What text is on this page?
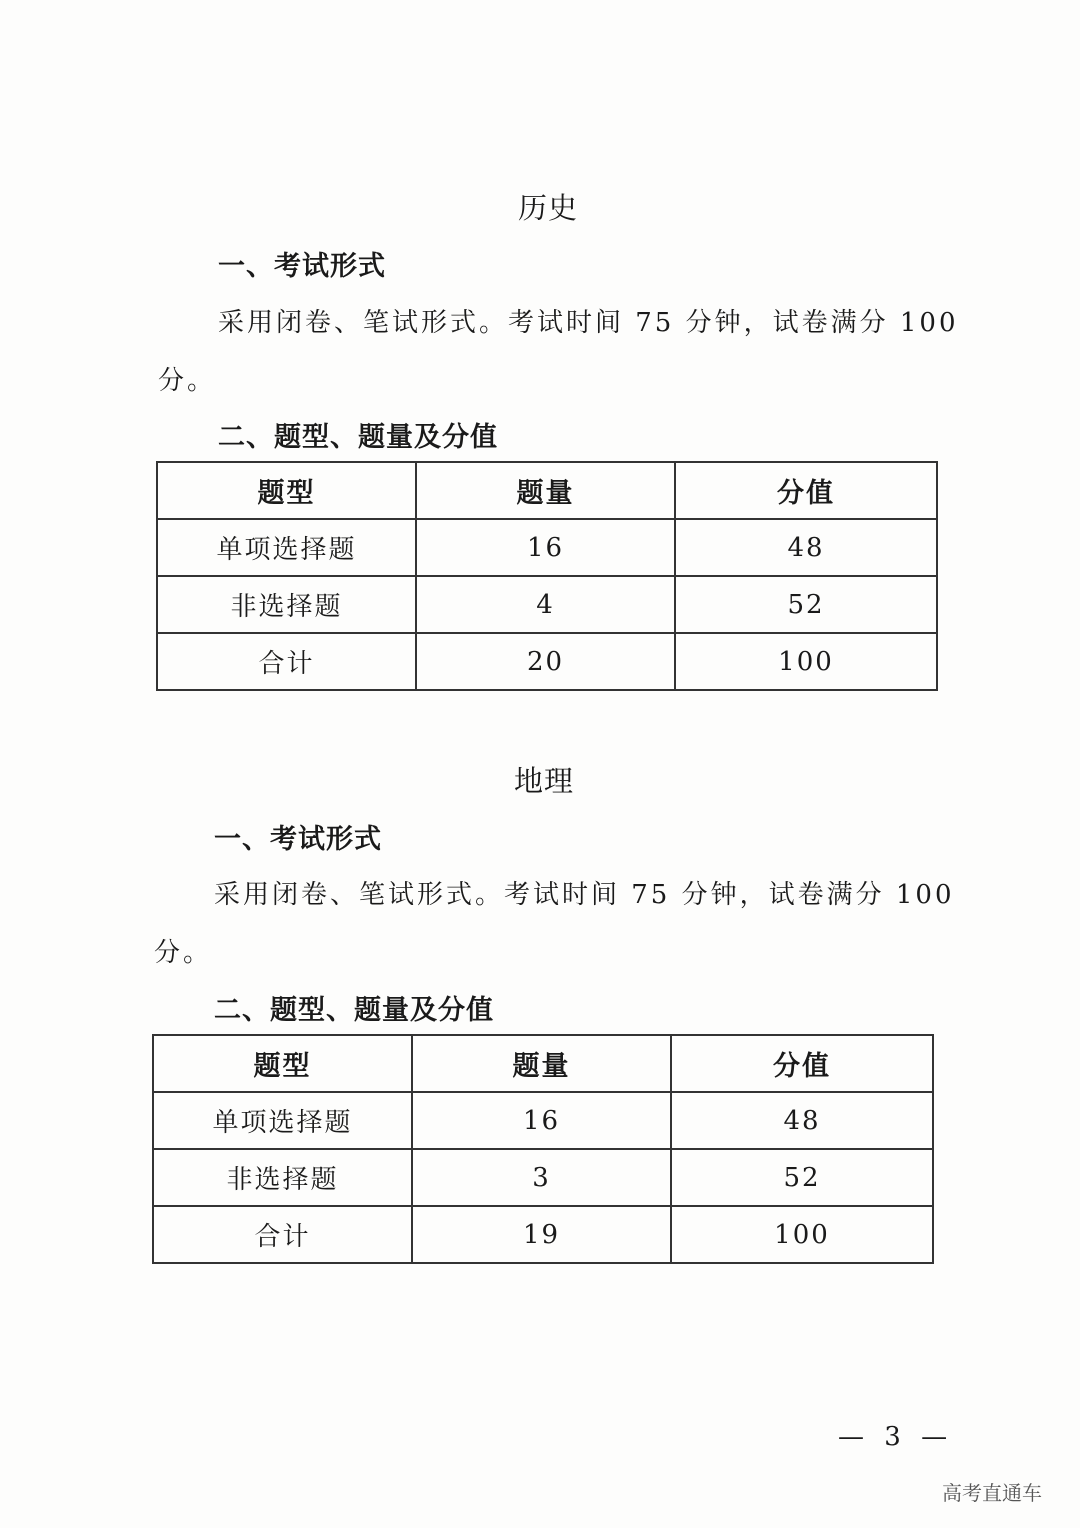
历史
一、考试形式
采用闭卷、笔试形式。考试时间 75 分钟，试卷满分 100
分。
二、题型、题量及分值
题型	题量	分值
单项选择题	16	48
非选择题	4	52
合计	20	100
地理
一、考试形式
采用闭卷、笔试形式。考试时间 75 分钟，试卷满分 100
分。
二、题型、题量及分值
题型	题量	分值
单项选择题	16	48
非选择题	3	52
合计	19	100
— 3 —
高考直通车
